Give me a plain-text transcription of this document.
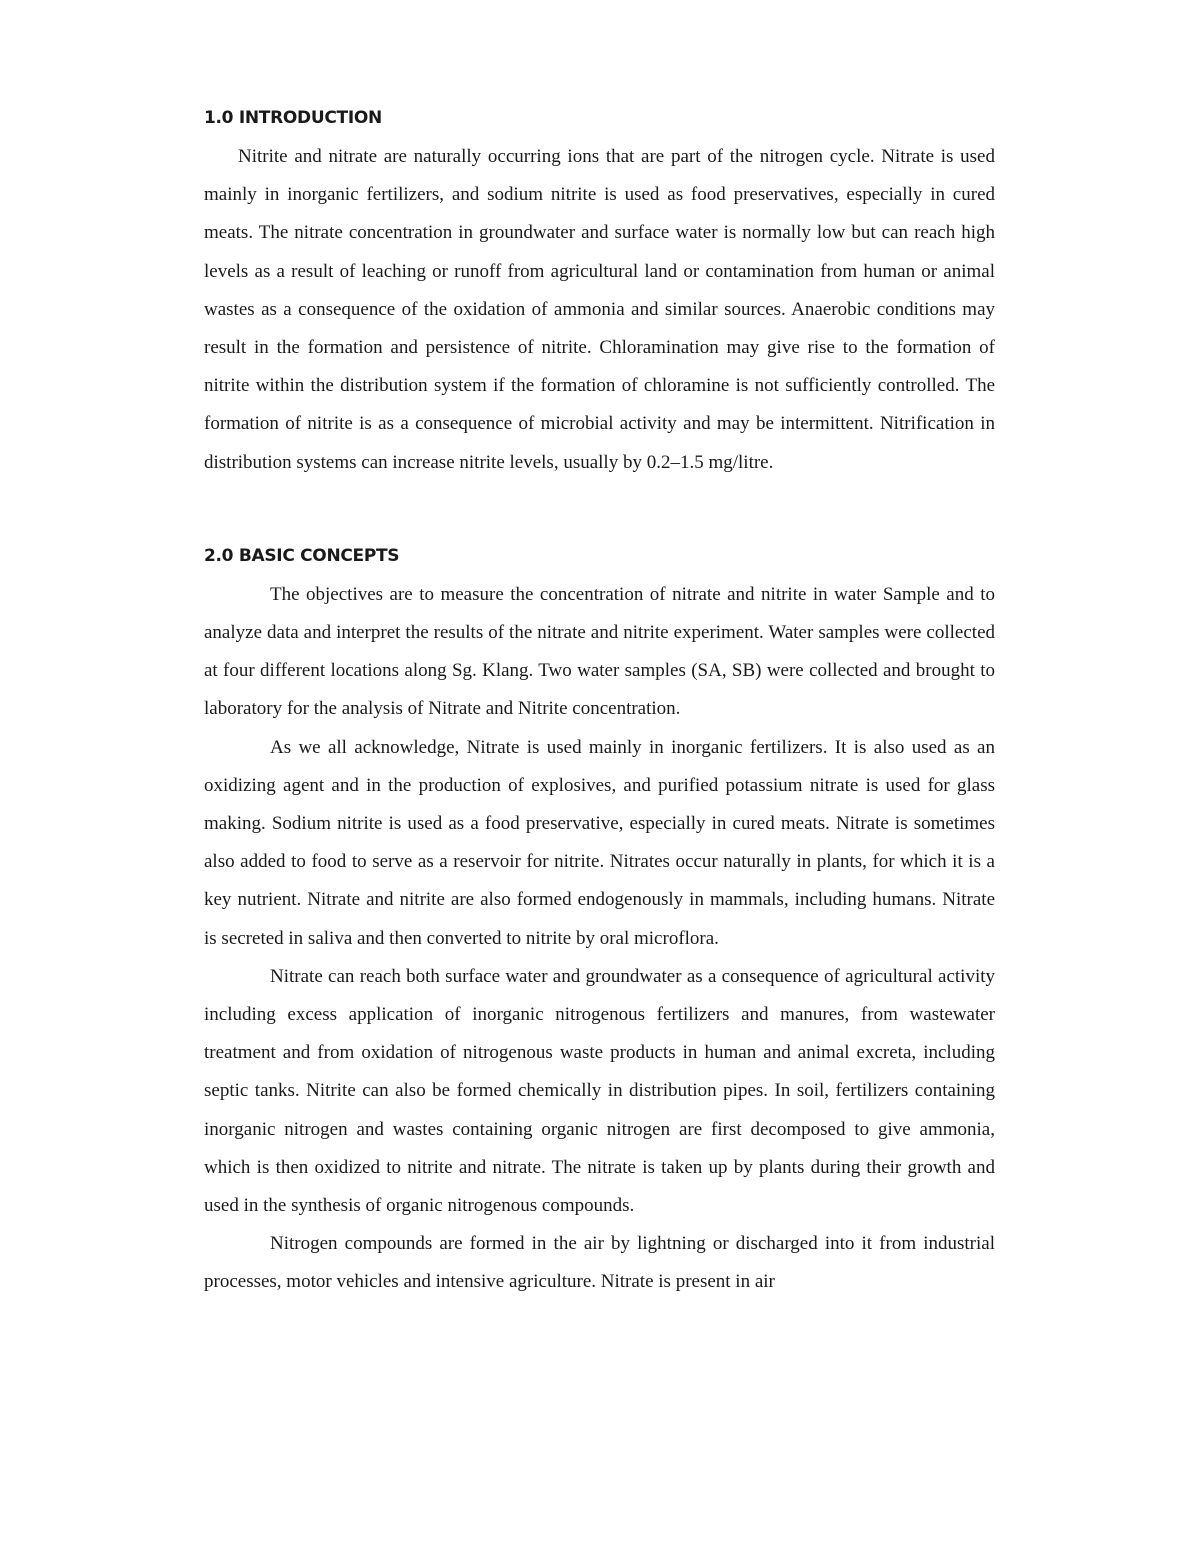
1.0 INTRODUCTION

Nitrite and nitrate are naturally occurring ions that are part of the nitrogen cycle. Nitrate is used mainly in inorganic fertilizers, and sodium nitrite is used as food preservatives, especially in cured meats. The nitrate concentration in groundwater and surface water is normally low but can reach high levels as a result of leaching or runoff from agricultural land or contamination from human or animal wastes as a consequence of the oxidation of ammonia and similar sources. Anaerobic conditions may result in the formation and persistence of nitrite. Chloramination may give rise to the formation of nitrite within the distribution system if the formation of chloramine is not sufficiently controlled. The formation of nitrite is as a consequence of microbial activity and may be intermittent. Nitrification in distribution systems can increase nitrite levels, usually by 0.2–1.5 mg/litre.

2.0 BASIC CONCEPTS

The objectives are to measure the concentration of nitrate and nitrite in water Sample and to analyze data and interpret the results of the nitrate and nitrite experiment. Water samples were collected at four different locations along Sg. Klang. Two water samples (SA, SB) were collected and brought to laboratory for the analysis of Nitrate and Nitrite concentration.

As we all acknowledge, Nitrate is used mainly in inorganic fertilizers. It is also used as an oxidizing agent and in the production of explosives, and purified potassium nitrate is used for glass making. Sodium nitrite is used as a food preservative, especially in cured meats. Nitrate is sometimes also added to food to serve as a reservoir for nitrite. Nitrates occur naturally in plants, for which it is a key nutrient. Nitrate and nitrite are also formed endogenously in mammals, including humans. Nitrate is secreted in saliva and then converted to nitrite by oral microflora.

Nitrate can reach both surface water and groundwater as a consequence of agricultural activity including excess application of inorganic nitrogenous fertilizers and manures, from wastewater treatment and from oxidation of nitrogenous waste products in human and animal excreta, including septic tanks. Nitrite can also be formed chemically in distribution pipes. In soil, fertilizers containing inorganic nitrogen and wastes containing organic nitrogen are first decomposed to give ammonia, which is then oxidized to nitrite and nitrate. The nitrate is taken up by plants during their growth and used in the synthesis of organic nitrogenous compounds.

Nitrogen compounds are formed in the air by lightning or discharged into it from industrial processes, motor vehicles and intensive agriculture. Nitrate is present in air
